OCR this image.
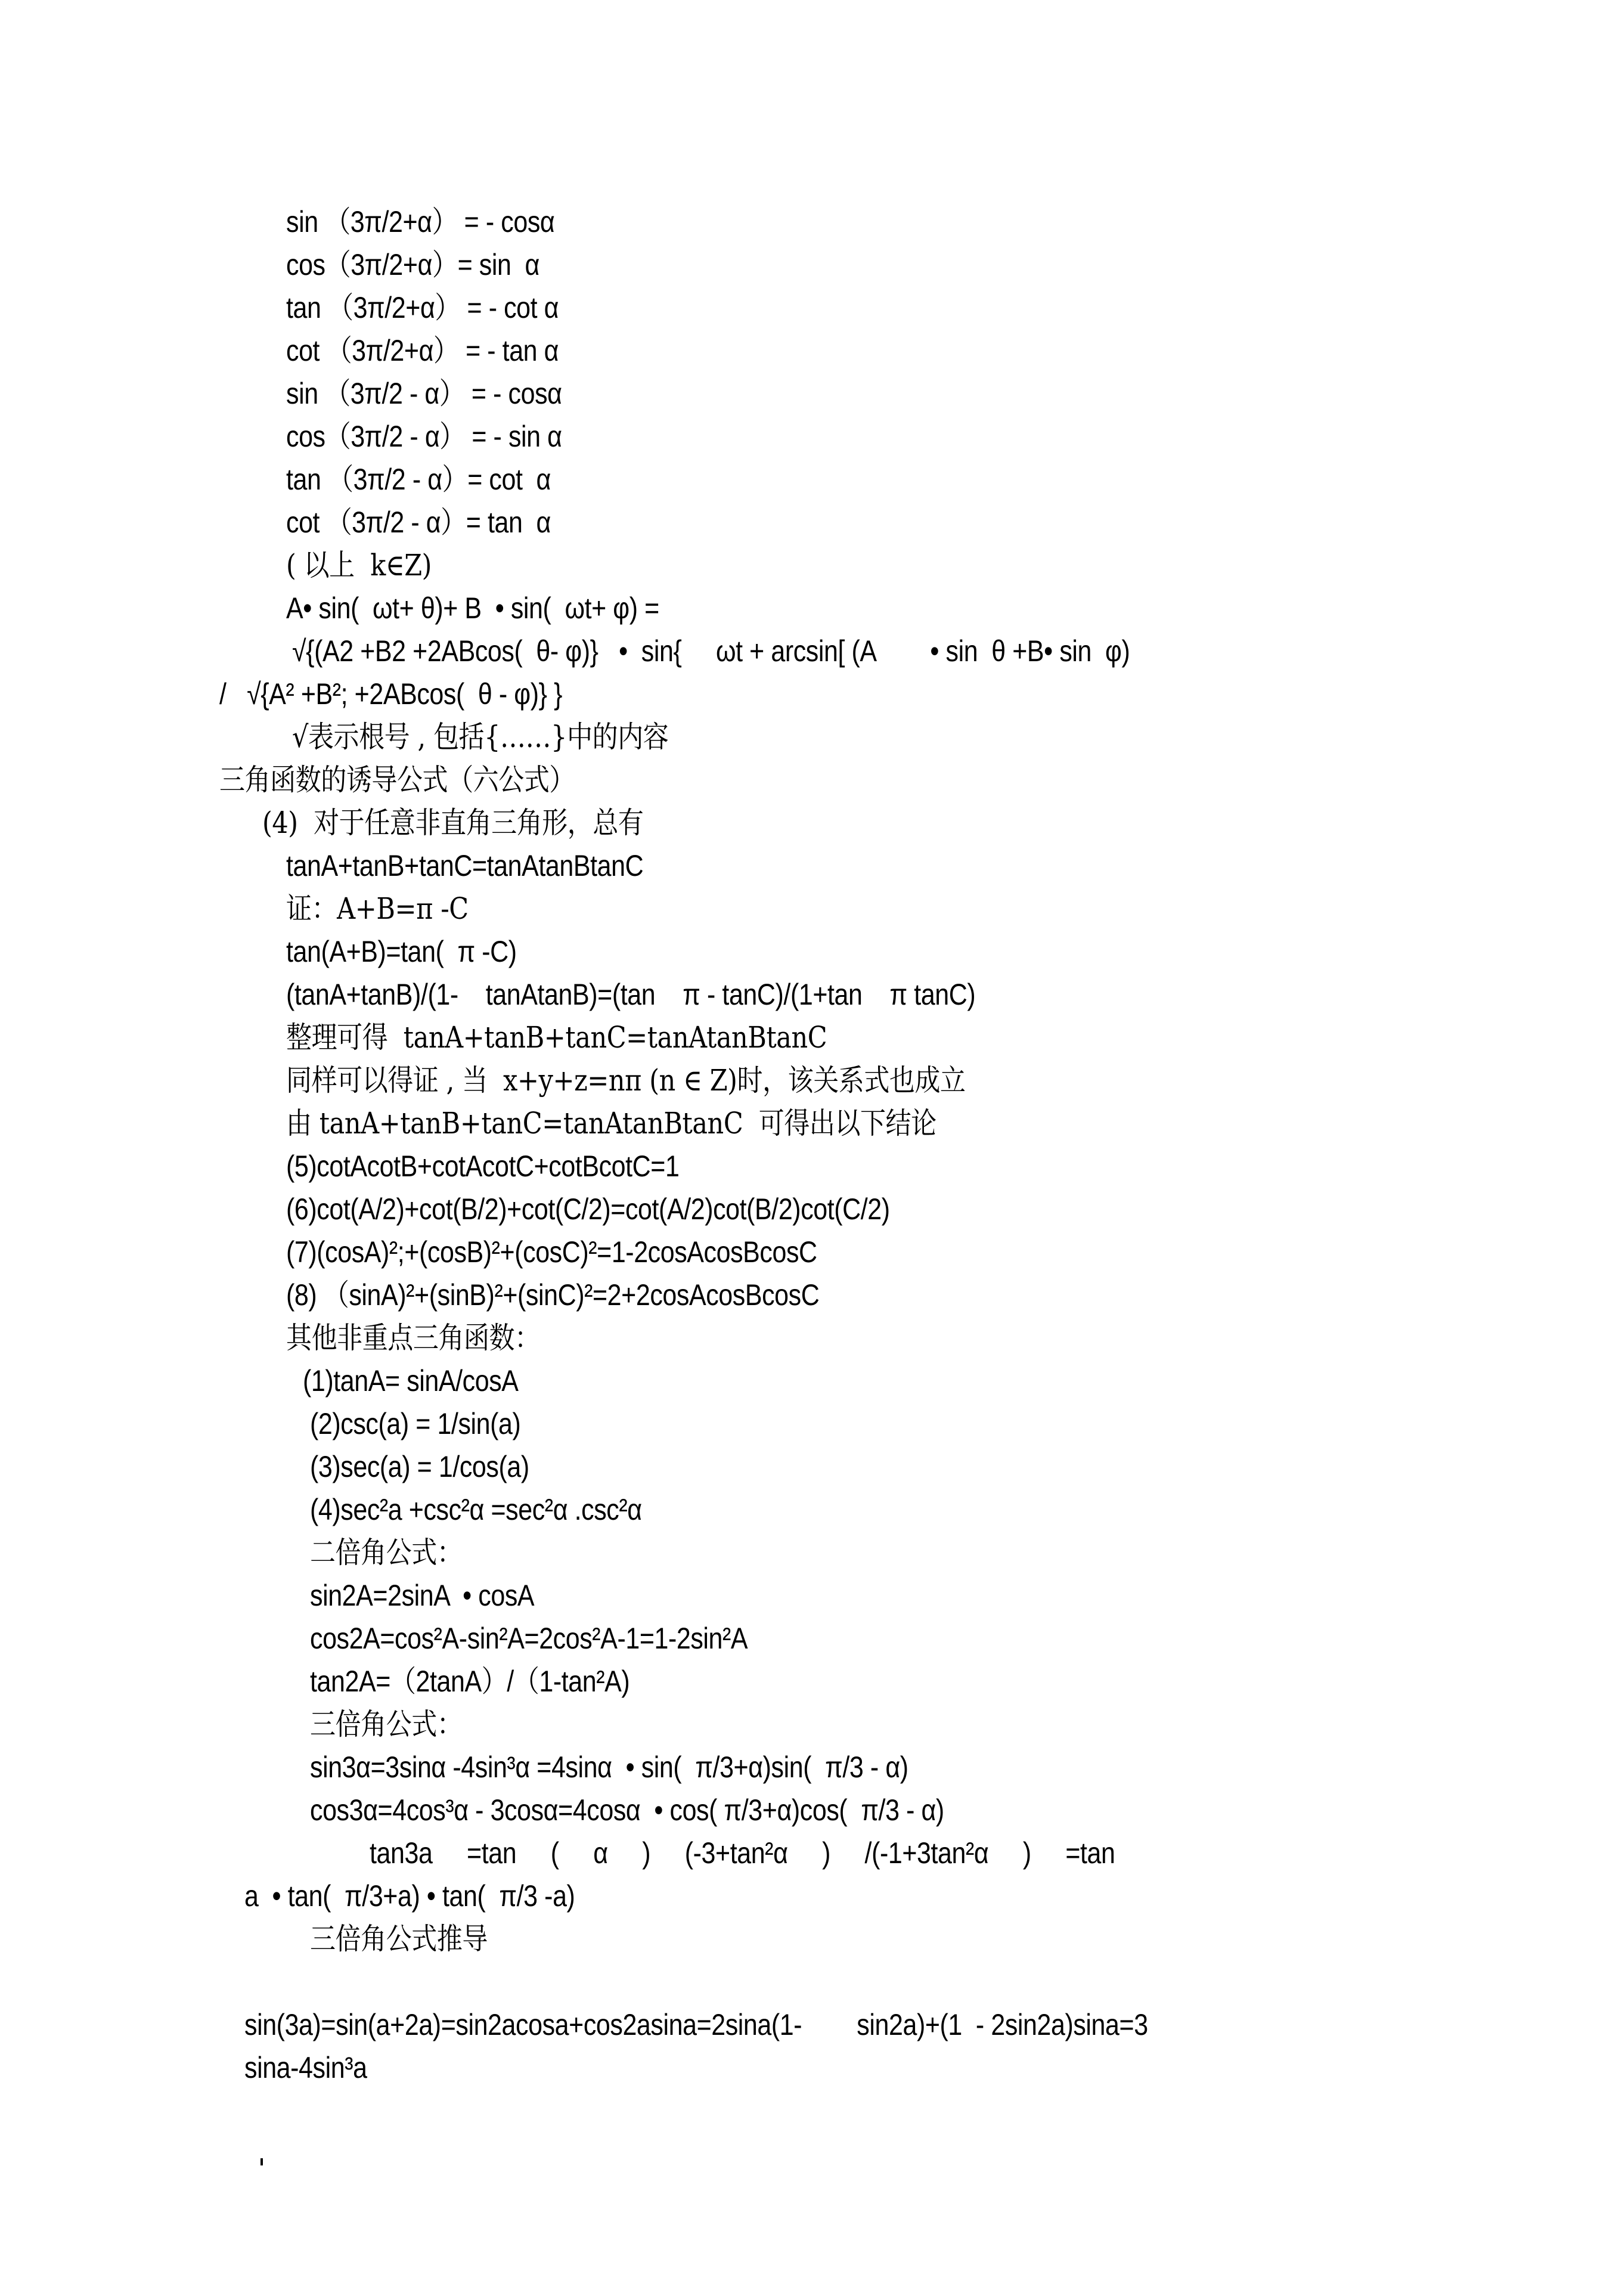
sin （3π/2+α） = - cosα
cos（3π/2+α）= sin  α
tan （3π/2+α） = - cot α
cot （3π/2+α） = - tan α
sin （3π/2 - α） = - cosα
cos（3π/2 - α） = - sin α
tan （3π/2 - α）= cot  α
cot （3π/2 - α）= tan  α
( 以上  k∈Z)
A• sin(  ωt+ θ)+ B  • sin(  ωt+ φ) =
√{(A2 +B2 +2ABcos(  θ- φ)}   •  sin{     ωt + arcsin[ (A        • sin  θ +B• sin  φ)
/   √{A² +B²; +2ABcos(  θ - φ)} }
√表示根号 , 包括{……}中的内容
三角函数的诱导公式（六公式）
(4)  对于任意非直角三角形，总有
tanA+tanB+tanC=tanAtanBtanC
证：A+B=π -C
tan(A+B)=tan(  π -C)
(tanA+tanB)/(1-    tanAtanB)=(tan    π - tanC)/(1+tan    π tanC)
整理可得  tanA+tanB+tanC=tanAtanBtanC
同样可以得证 , 当  x+y+z=nπ (n ∈ Z)时，该关系式也成立
由 tanA+tanB+tanC=tanAtanBtanC  可得出以下结论
(5)cotAcotB+cotAcotC+cotBcotC=1
(6)cot(A/2)+cot(B/2)+cot(C/2)=cot(A/2)cot(B/2)cot(C/2)
(7)(cosA)²;+(cosB)²+(cosC)²=1-2cosAcosBcosC
(8) （sinA)²+(sinB)²+(sinC)²=2+2cosAcosBcosC
其他非重点三角函数：
(1)tanA= sinA/cosA
(2)csc(a) = 1/sin(a)
(3)sec(a) = 1/cos(a)
(4)sec²a +csc²α =sec²α .csc²α
二倍角公式：
sin2A=2sinA  • cosA
cos2A=cos²A-sin²A=2cos²A-1=1-2sin²A
tan2A=（2tanA）/（1-tan²A)
三倍角公式：
sin3α=3sinα -4sin³α =4sinα  • sin(  π/3+α)sin(  π/3 - α)
cos3α=4cos³α - 3cosα=4cosα  • cos( π/3+α)cos(  π/3 - α)
tan3a     =tan     (     α     )     (-3+tan²α     )     /(-1+3tan²α     )     =tan
a  • tan(  π/3+a) • tan(  π/3 -a)
三倍角公式推导
sin(3a)=sin(a+2a)=sin2acosa+cos2asina=2sina(1-        sin2a)+(1  - 2sin2a)sina=3
sina-4sin³a
